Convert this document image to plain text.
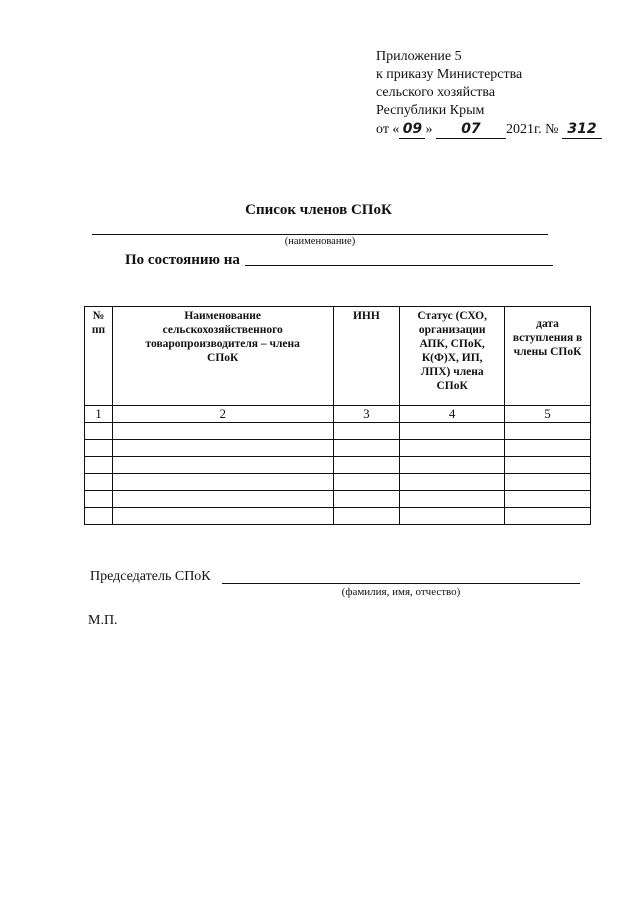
Приложение 5
к приказу Министерства
сельского хозяйства
Республики Крым
от « 09 » 07 2021г. № 312
Список членов СПоК
(наименование)
По состоянию на
№ пп	Наименование сельскохозяйственного товаропроизводителя – члена СПоК	ИНН	Статус (СХО, организации АПК, СПоК, К(Ф)Х, ИП, ЛПХ) члена СПоК	дата вступления в члены СПоК
1	2	3	4	5

Председатель СПоК
(фамилия, имя, отчество)
М.П.
